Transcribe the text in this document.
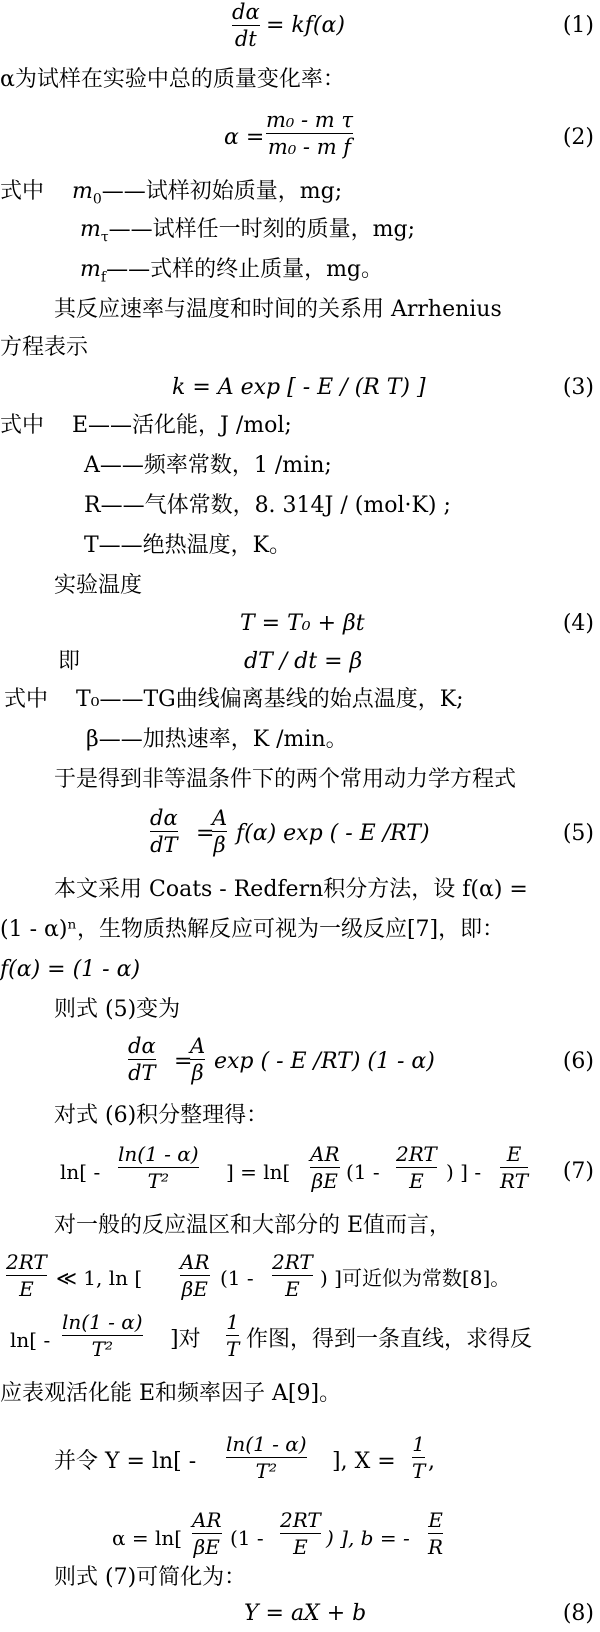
dα
dt
= kf(α)	(1)
α为试样在实验中总的质量变化率：
α =
m₀ - m τ
m₀ - m f	(2)
式中 $m_0——$试样初始质量，mg;
$m_\tau——$试样任一时刻的质量，mg;
$m_f——$式样的终止质量，mg。
其反应速率与温度和时间的关系用 Arrhenius
方程表示
k = A exp [ - E / (R T) ]	(3)
式中 E——活化能，J /mol;
A——频率常数，1 /min;
R——气体常数，8. 314J / (mol·K) ;
T——绝热温度，K。
实验温度
T = T₀ + βt	(4)
即	dT / dt = β
式中 T₀——TG曲线偏离基线的始点温度，K;
β——加热速率，K /min。
于是得到非等温条件下的两个常用动力学方程式
dα
dT =
A
β f(α) exp ( - E /RT)	(5)
本文采用 Coats - Redfern积分方法，设 f(α) =
(1 - α)ⁿ，生物质热解反应可视为一级反应[7]，即：
f(α) = (1 - α)
则式 (5)变为
dα
dT =
A
β exp ( - E /RT) (1 - α)	(6)
对式 (6)积分整理得：
ln[ -
ln(1 - α)
T²	] = ln[
AR
βE (1 -
2RT
E	) ] -
E
RT (7)
对一般的反应温区和大部分的 E值而言，
2RT
E	≪ 1, ln [
AR
βE (1 -
2RT
E	) ]可近似为常数[8]。
ln[ -
ln(1 - α)
T²	]对
1
T 作图，得到一条直线，求得反
应表观活化能 E和频率因子 A[9]。
并令 Y = ln[ -
ln(1 - α)
T²	], X =
1
T ,
α = ln[
AR
βE (1 -
2RT
E ) ], b = -
E
R
则式 (7)可简化为：
Y = aX + b	(8)
